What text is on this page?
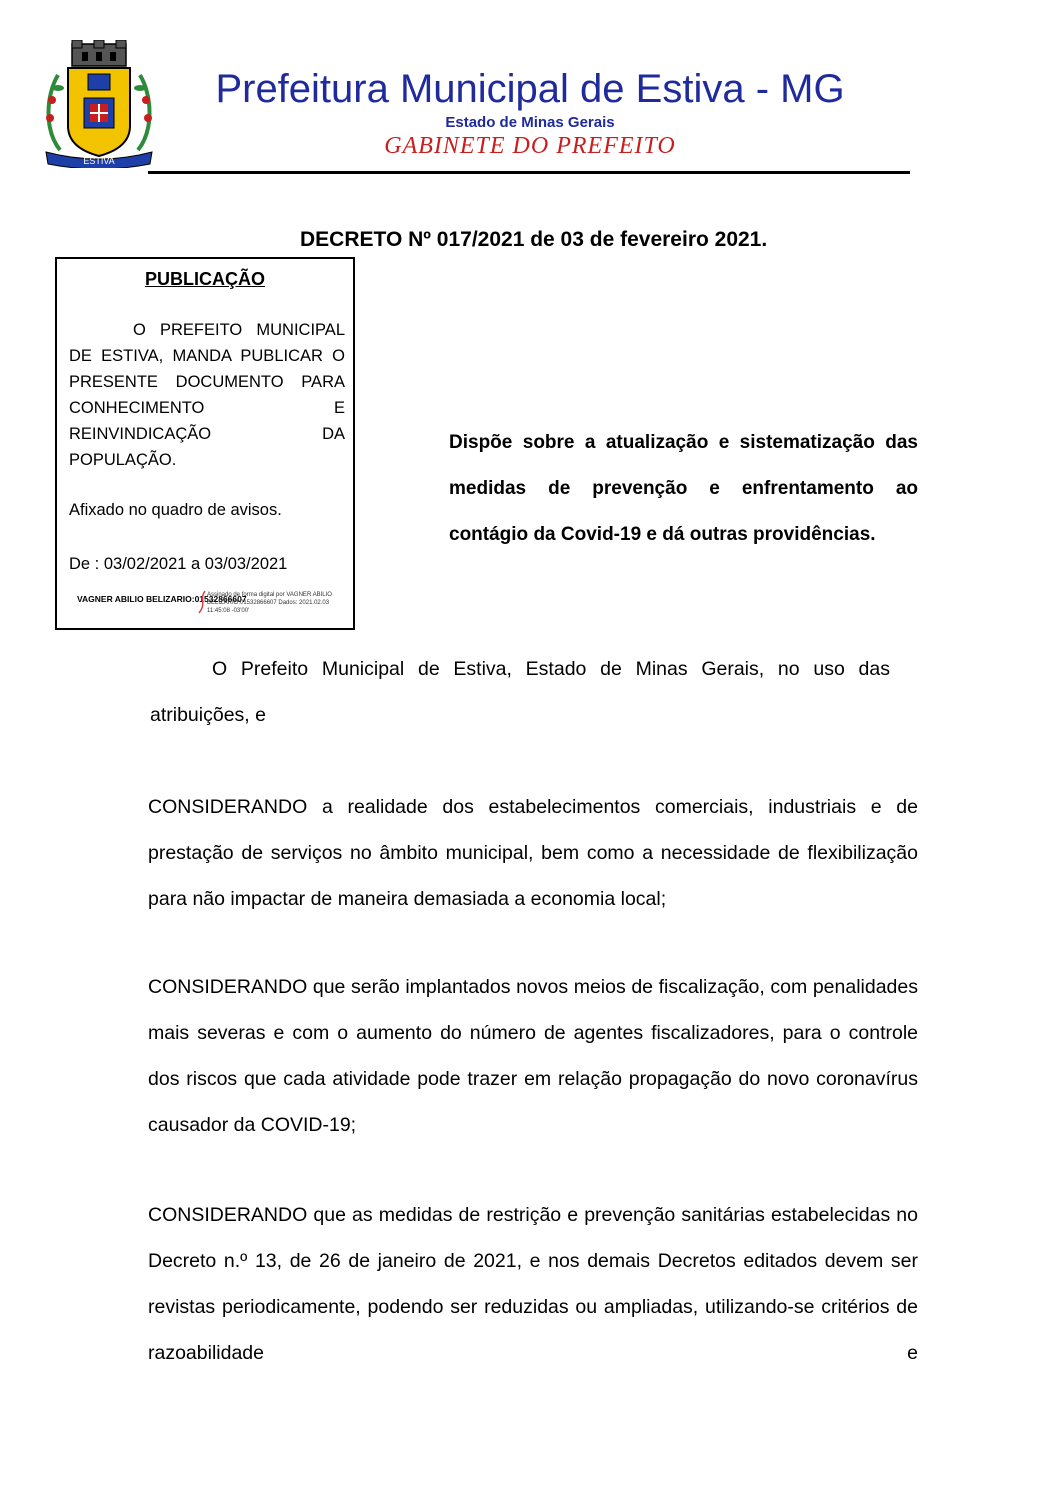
ESTIVA
Prefeitura Municipal de Estiva - MG
Estado de Minas Gerais
GABINETE DO PREFEITO
DECRETO Nº 017/2021 de 03 de fevereiro 2021.
PUBLICAÇÃO
O PREFEITO MUNICIPAL DE ESTIVA, MANDA PUBLICAR O PRESENTE DOCUMENTO PARA CONHECIMENTO E REINVINDICAÇÃO DA POPULAÇÃO.
Afixado no quadro de avisos.
De : 03/02/2021 a 03/03/2021
VAGNER ABILIO BELIZARIO:01532866607
Assinado de forma digital por VAGNER ABILIO BELIZARIO:01532866607 Dados: 2021.02.03 11:45:08 -03'00'
Dispõe sobre a atualização e sistematização das medidas de prevenção e enfrentamento ao contágio da Covid-19 e dá outras providências.
O Prefeito Municipal de Estiva, Estado de Minas Gerais, no uso das atribuições, e
CONSIDERANDO a realidade dos estabelecimentos comerciais, industriais e de prestação de serviços no âmbito municipal, bem como a necessidade de flexibilização para não impactar de maneira demasiada a economia local;
CONSIDERANDO que serão implantados novos meios de fiscalização, com penalidades mais severas e com o aumento do número de agentes fiscalizadores, para o controle dos riscos que cada atividade pode trazer em relação propagação do novo coronavírus causador da COVID-19;
CONSIDERANDO que as medidas de restrição e prevenção sanitárias estabelecidas no Decreto n.º 13, de 26 de janeiro de 2021, e nos demais Decretos editados devem ser revistas periodicamente, podendo ser reduzidas ou ampliadas, utilizando-se critérios de razoabilidade e
